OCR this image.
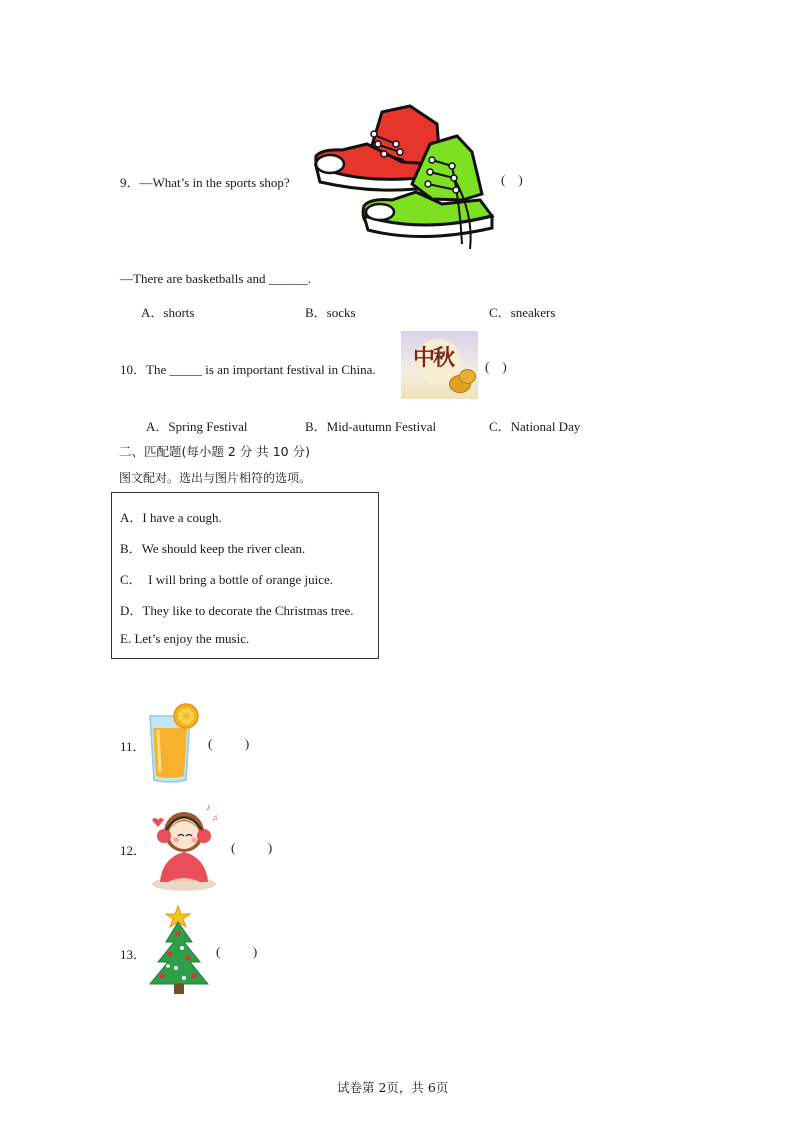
9．—What’s in the sports shop?	(    )
—There are basketballs and ______.
A．shorts	B．socks	C．sneakers
10．The _____ is an important festival in China. 中秋 (    )
A．Spring Festival	B．Mid-autumn Festival	C．National Day
二、匹配题(每小题 2 分 共 10 分)
图文配对。选出与图片相符的选项。
A．I have a cough.
B．We should keep the river clean.
C．  I will bring a bottle of orange juice.
D．They like to decorate the Christmas tree.
E. Let’s enjoy the music.
11．	(          )
12．
♪
♫
(          )
13．	(          )
试卷第 2页，共 6页
